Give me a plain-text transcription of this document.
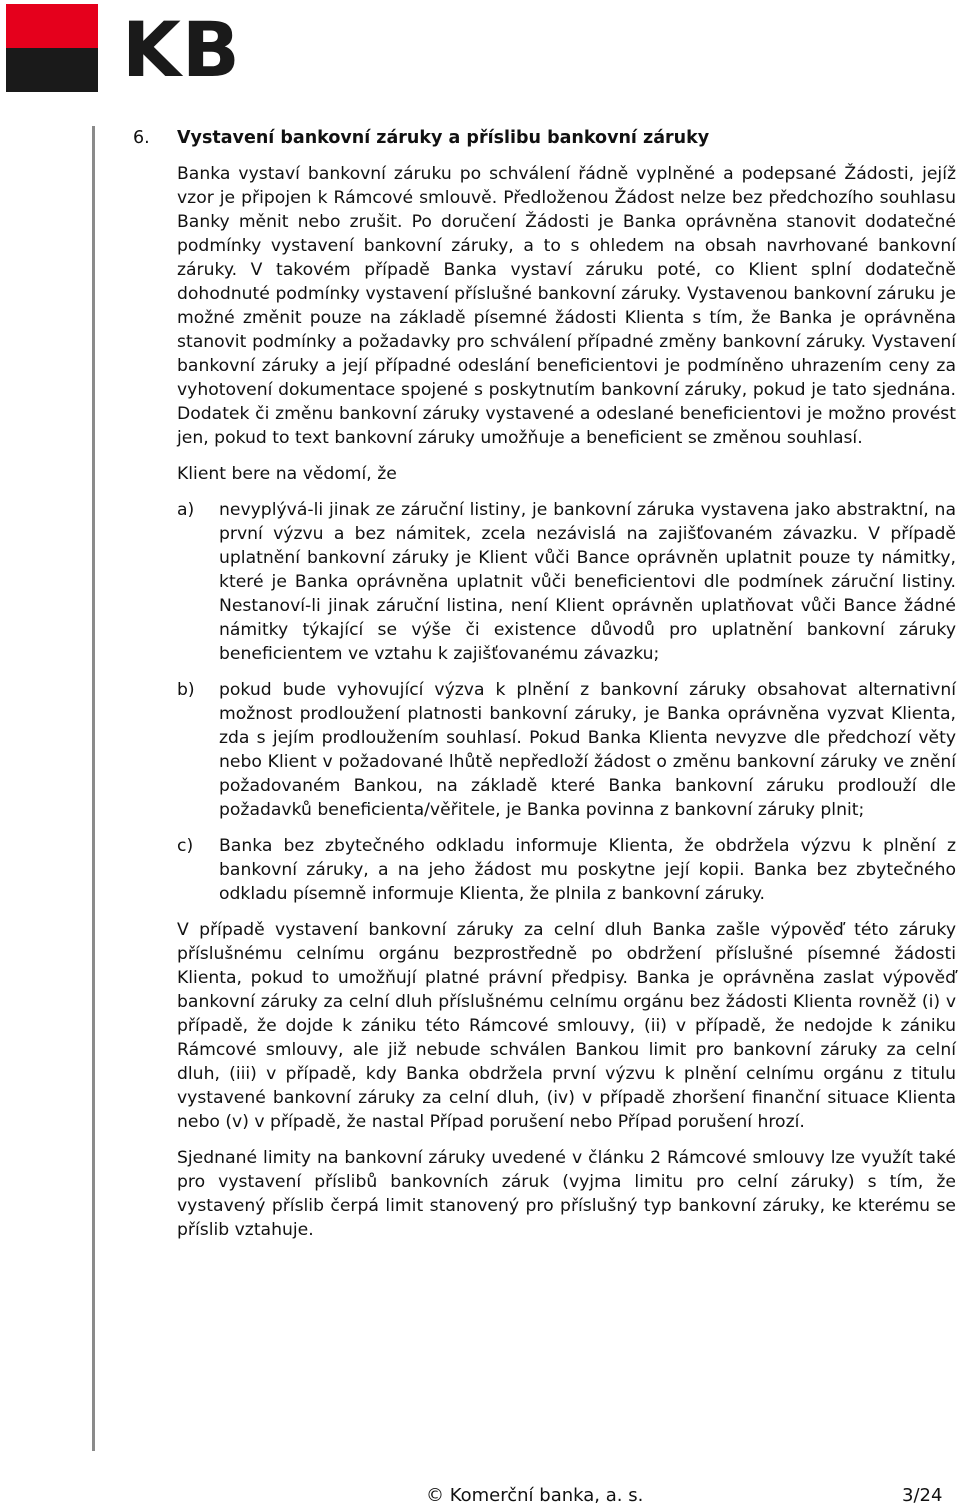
KB
6. Vystavení bankovní záruky a příslibu bankovní záruky

Banka vystaví bankovní záruku po schválení řádně vyplněné a podepsané Žádosti, jejíž vzor je připojen k Rámcové smlouvě. Předloženou Žádost nelze bez předchozího souhlasu Banky měnit nebo zrušit. Po doručení Žádosti je Banka oprávněna stanovit dodatečné podmínky vystavení bankovní záruky, a to s ohledem na obsah navrhované bankovní záruky. V takovém případě Banka vystaví záruku poté, co Klient splní dodatečně dohodnuté podmínky vystavení příslušné bankovní záruky. Vystavenou bankovní záruku je možné změnit pouze na základě písemné žádosti Klienta s tím, že Banka je oprávněna stanovit podmínky a požadavky pro schválení případné změny bankovní záruky. Vystavení bankovní záruky a její případné odeslání beneficientovi je podmíněno uhrazením ceny za vyhotovení dokumentace spojené s poskytnutím bankovní záruky, pokud je tato sjednána. Dodatek či změnu bankovní záruky vystavené a odeslané beneficientovi je možno provést jen, pokud to text bankovní záruky umožňuje a beneficient se změnou souhlasí.

Klient bere na vědomí, že

a) nevyplývá-li jinak ze záruční listiny, je bankovní záruka vystavena jako abstraktní, na první výzvu a bez námitek, zcela nezávislá na zajišťovaném závazku. V případě uplatnění bankovní záruky je Klient vůči Bance oprávněn uplatnit pouze ty námitky, které je Banka oprávněna uplatnit vůči beneficientovi dle podmínek záruční listiny. Nestanoví-li jinak záruční listina, není Klient oprávněn uplatňovat vůči Bance žádné námitky týkající se výše či existence důvodů pro uplatnění bankovní záruky beneficientem ve vztahu k zajišťovanému závazku;
b) pokud bude vyhovující výzva k plnění z bankovní záruky obsahovat alternativní možnost prodloužení platnosti bankovní záruky, je Banka oprávněna vyzvat Klienta, zda s jejím prodloužením souhlasí. Pokud Banka Klienta nevyzve dle předchozí věty nebo Klient v požadované lhůtě nepředloží žádost o změnu bankovní záruky ve znění požadovaném Bankou, na základě které Banka bankovní záruku prodlouží dle požadavků beneficienta/věřitele, je Banka povinna z bankovní záruky plnit;
c) Banka bez zbytečného odkladu informuje Klienta, že obdržela výzvu k plnění z bankovní záruky, a na jeho žádost mu poskytne její kopii. Banka bez zbytečného odkladu písemně informuje Klienta, že plnila z bankovní záruky.

V případě vystavení bankovní záruky za celní dluh Banka zašle výpověď této záruky příslušnému celnímu orgánu bezprostředně po obdržení příslušné písemné žádosti Klienta, pokud to umožňují platné právní předpisy. Banka je oprávněna zaslat výpověď bankovní záruky za celní dluh příslušnému celnímu orgánu bez žádosti Klienta rovněž (i) v případě, že dojde k zániku této Rámcové smlouvy, (ii) v případě, že nedojde k zániku Rámcové smlouvy, ale již nebude schválen Bankou limit pro bankovní záruky za celní dluh, (iii) v případě, kdy Banka obdržela první výzvu k plnění celnímu orgánu z titulu vystavené bankovní záruky za celní dluh, (iv) v případě zhoršení finanční situace Klienta nebo (v) v případě, že nastal Případ porušení nebo Případ porušení hrozí.

Sjednané limity na bankovní záruky uvedené v článku 2 Rámcové smlouvy lze využít také pro vystavení příslibů bankovních záruk (vyjma limitu pro celní záruky) s tím, že vystavený příslib čerpá limit stanovený pro příslušný typ bankovní záruky, ke kterému se příslib vztahuje.

© Komerční banka, a. s.	3/24
